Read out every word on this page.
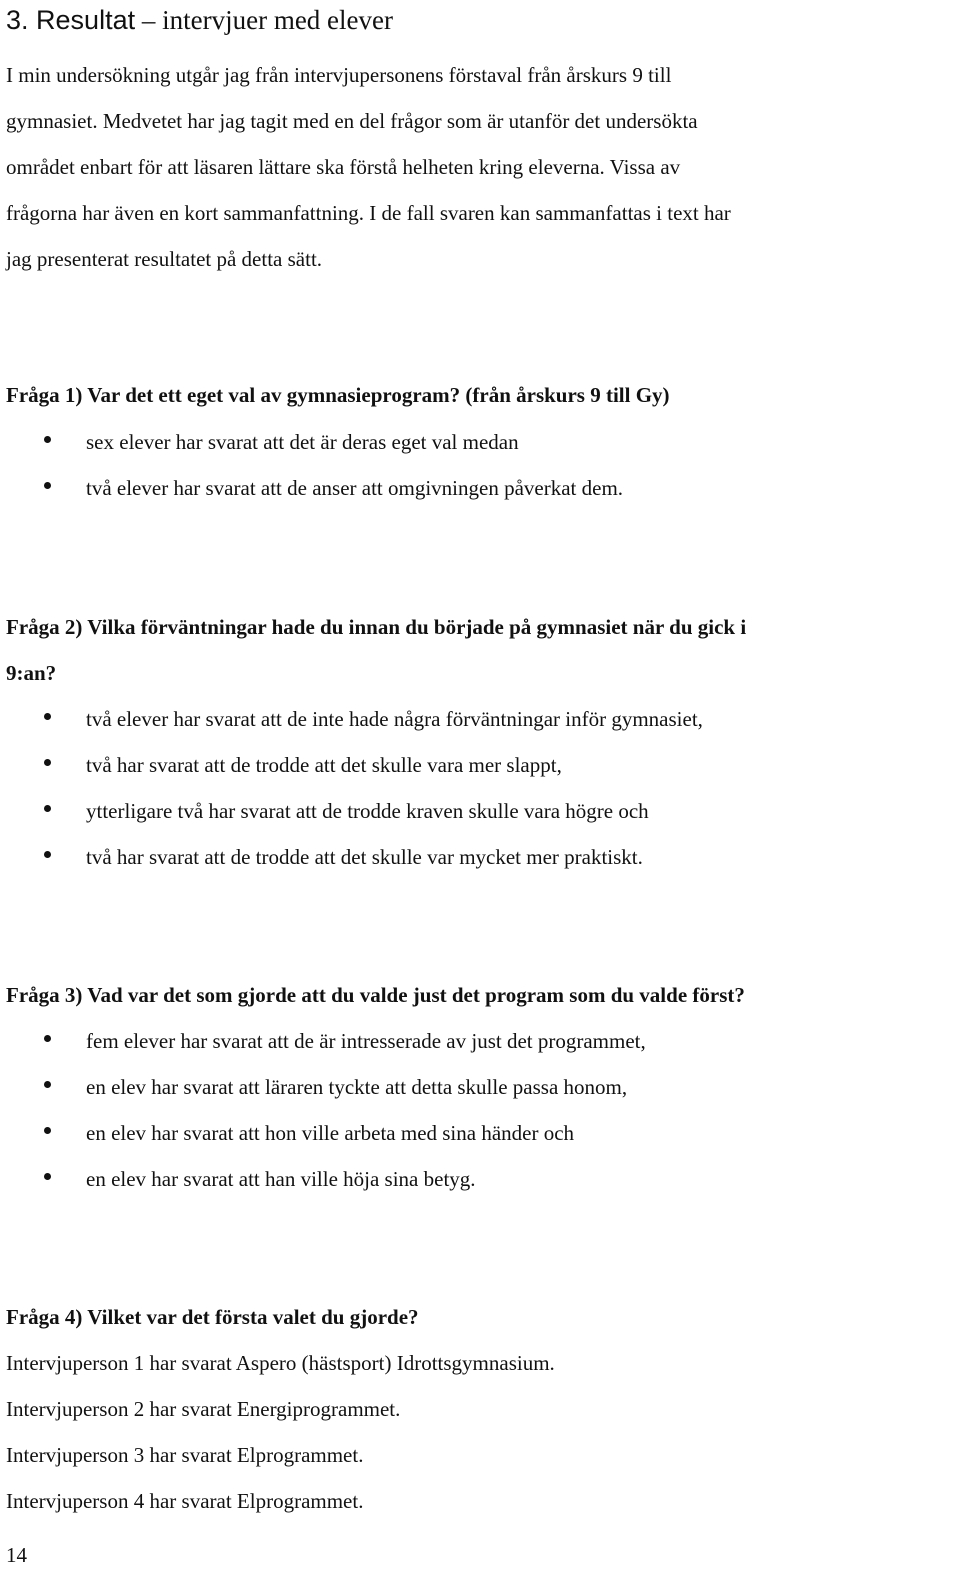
3. Resultat – intervjuer med elever
I min undersökning utgår jag från intervjupersonens förstaval från årskurs 9 till
gymnasiet. Medvetet har jag tagit med en del frågor som är utanför det undersökta
området enbart för att läsaren lättare ska förstå helheten kring eleverna. Vissa av
frågorna har även en kort sammanfattning. I de fall svaren kan sammanfattas i text har
jag presenterat resultatet på detta sätt.
Fråga 1) Var det ett eget val av gymnasieprogram? (från årskurs 9 till Gy)
sex elever har svarat att det är deras eget val medan
två elever har svarat att de anser att omgivningen påverkat dem.
Fråga 2) Vilka förväntningar hade du innan du började på gymnasiet när du gick i
9:an?
två elever har svarat att de inte hade några förväntningar inför gymnasiet,
två har svarat att de trodde att det skulle vara mer slappt,
ytterligare två har svarat att de trodde kraven skulle vara högre och
två har svarat att de trodde att det skulle var mycket mer praktiskt.
Fråga 3) Vad var det som gjorde att du valde just det program som du valde först?
fem elever har svarat att de är intresserade av just det programmet,
en elev har svarat att läraren tyckte att detta skulle passa honom,
en elev har svarat att hon ville arbeta med sina händer och
en elev har svarat att han ville höja sina betyg.
Fråga 4) Vilket var det första valet du gjorde?
Intervjuperson 1 har svarat Aspero (hästsport) Idrottsgymnasium.
Intervjuperson 2 har svarat Energiprogrammet.
Intervjuperson 3 har svarat Elprogrammet.
Intervjuperson 4 har svarat Elprogrammet.
14
